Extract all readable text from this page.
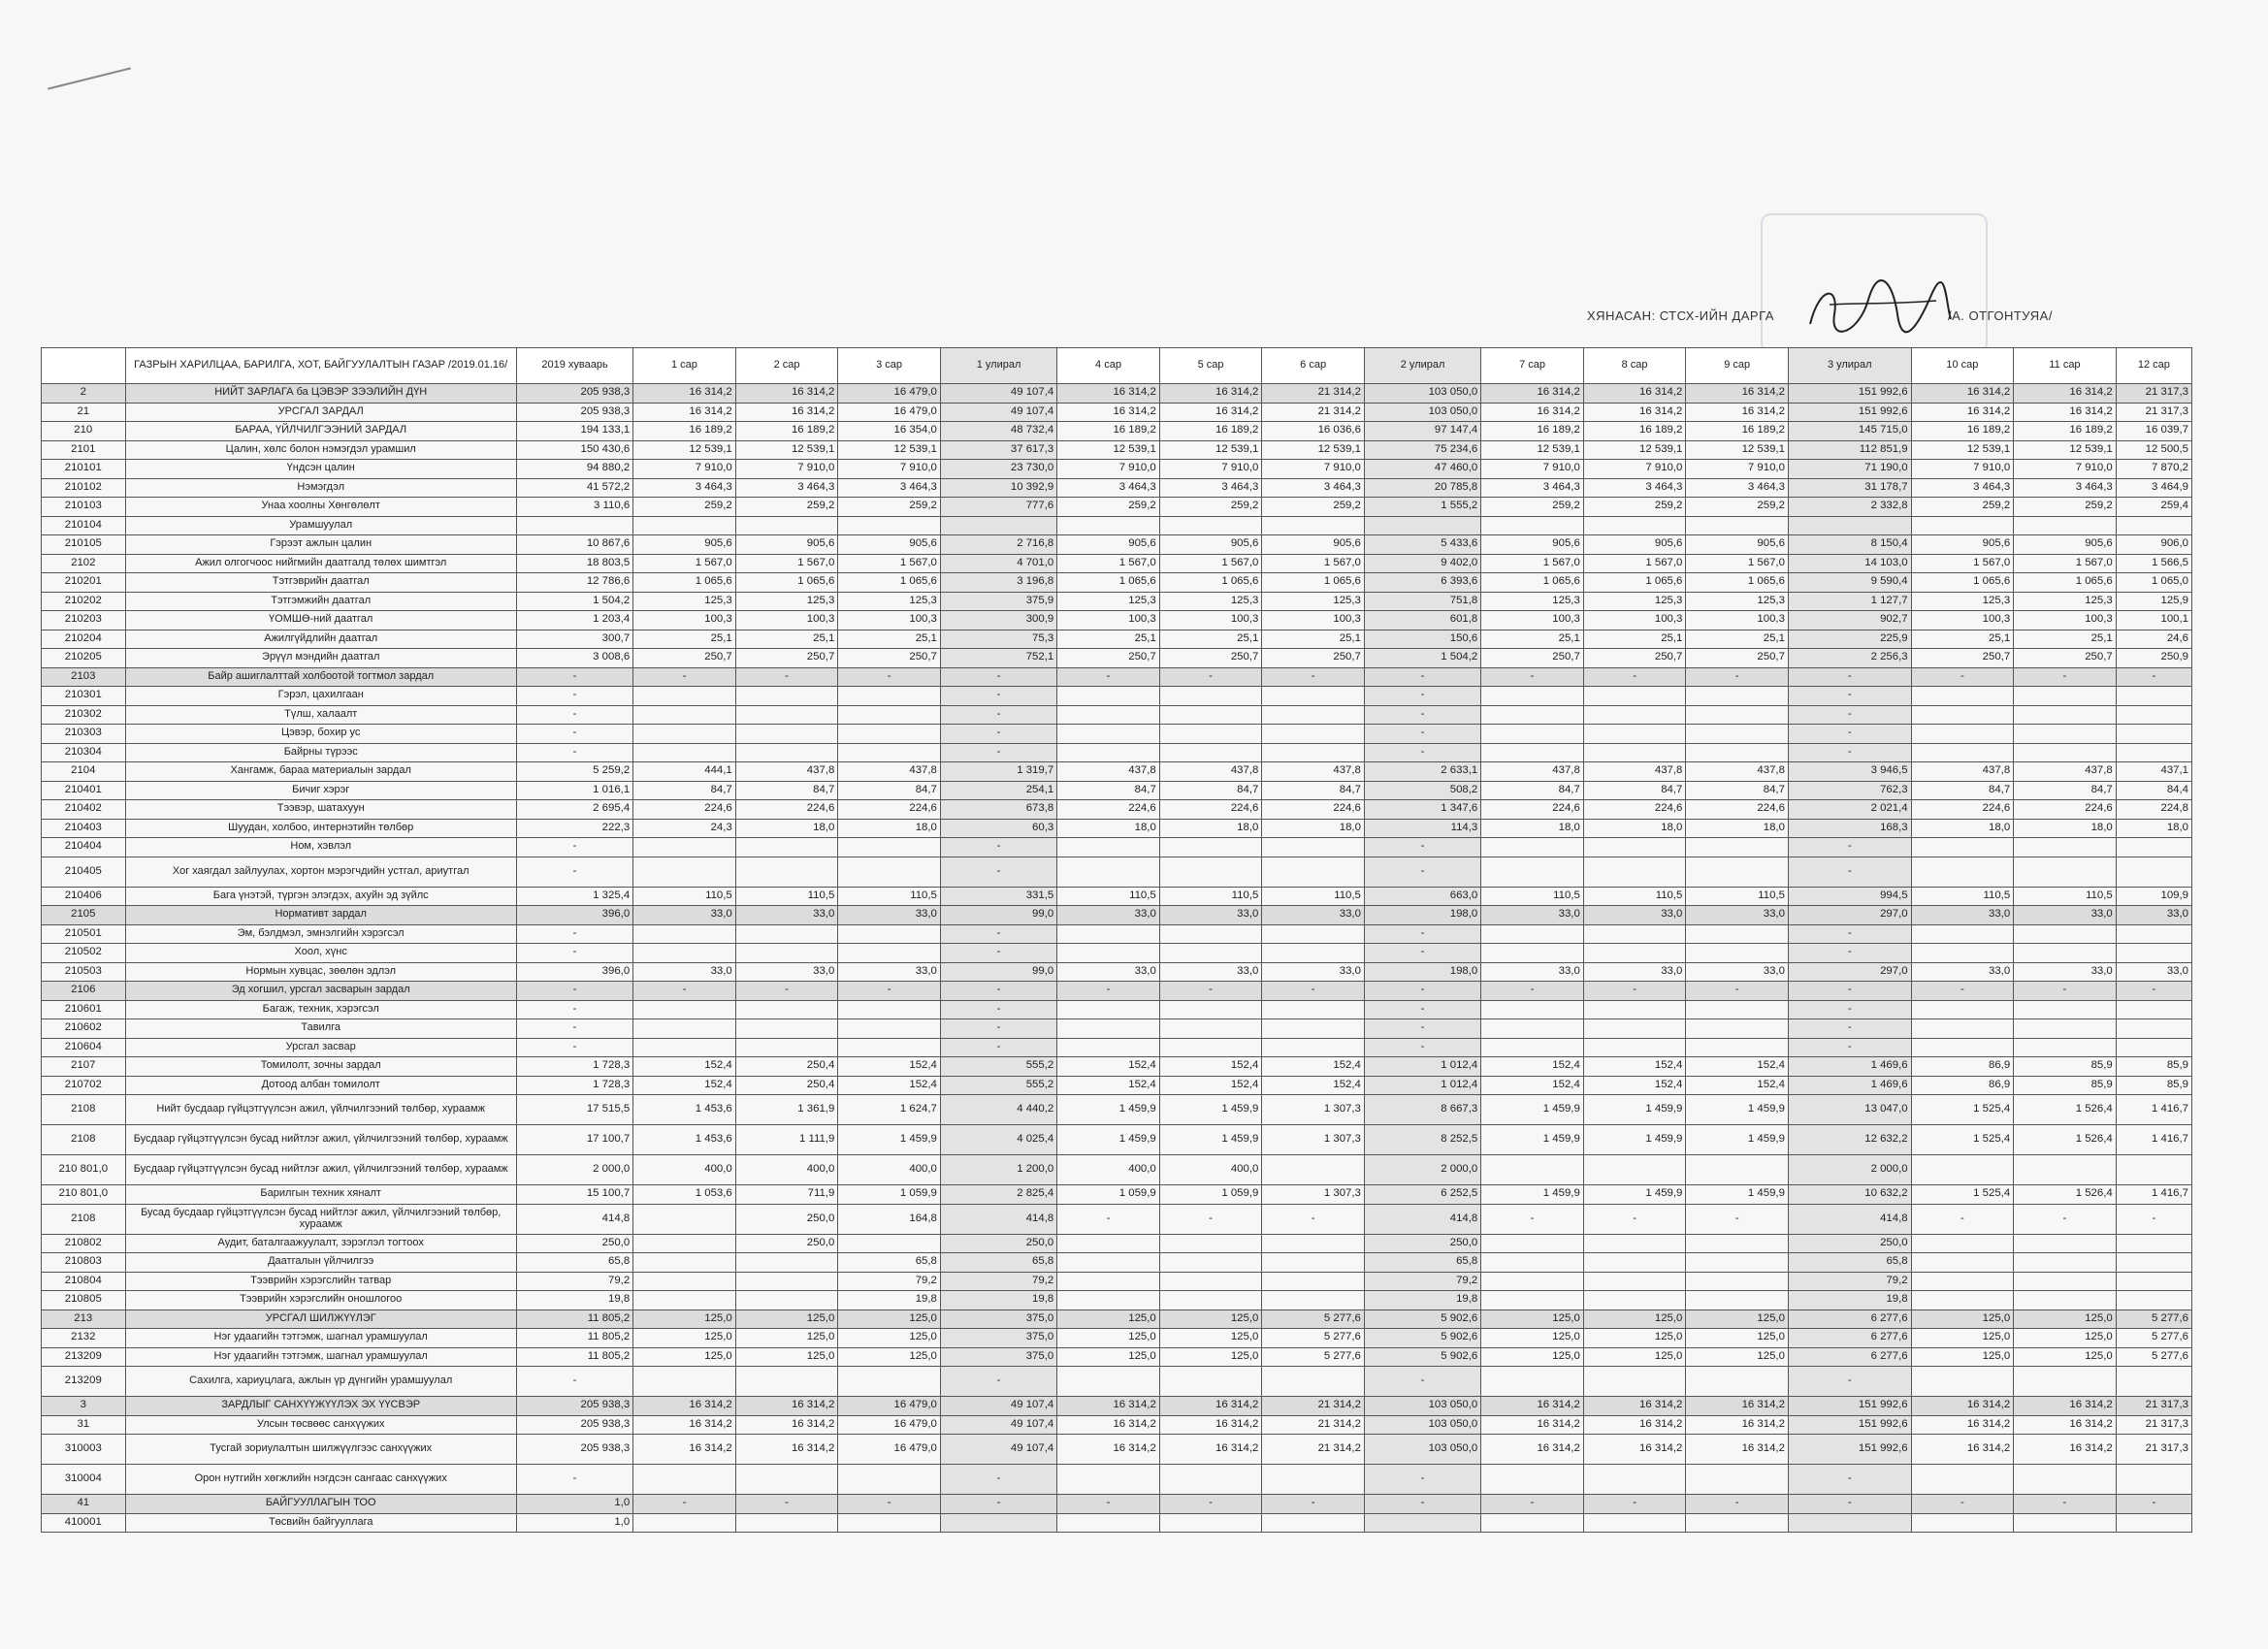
ХЯНАСАН: СТСХ-ИЙН ДАРГА	/А. ОТГОНТУЯА/
	ГАЗРЫН ХАРИЛЦАА, БАРИЛГА, ХОТ, БАЙГУУЛАЛТЫН ГАЗАР /2019.01.16/	2019 хуваарь	1 сар	2 сар	3 сар	1 улирал	4 сар	5 сар	6 сар	2 улирал	7 сар	8 сар	9 сар	3 улирал	10 сар	11 сар	12 сар
2	НИЙТ ЗАРЛАГА ба ЦЭВЭР ЗЭЭЛИЙН ДҮН	205 938,3	16 314,2	16 314,2	16 479,0	49 107,4	16 314,2	16 314,2	21 314,2	103 050,0	16 314,2	16 314,2	16 314,2	151 992,6	16 314,2	16 314,2	21 317,3
21	УРСГАЛ ЗАРДАЛ	205 938,3	16 314,2	16 314,2	16 479,0	49 107,4	16 314,2	16 314,2	21 314,2	103 050,0	16 314,2	16 314,2	16 314,2	151 992,6	16 314,2	16 314,2	21 317,3
210	БАРАА, ҮЙЛЧИЛГЭЭНИЙ ЗАРДАЛ	194 133,1	16 189,2	16 189,2	16 354,0	48 732,4	16 189,2	16 189,2	16 036,6	97 147,4	16 189,2	16 189,2	16 189,2	145 715,0	16 189,2	16 189,2	16 039,7
2101	Цалин, хөлс болон нэмэгдэл урамшил	150 430,6	12 539,1	12 539,1	12 539,1	37 617,3	12 539,1	12 539,1	12 539,1	75 234,6	12 539,1	12 539,1	12 539,1	112 851,9	12 539,1	12 539,1	12 500,5
210101	Үндсэн цалин	94 880,2	7 910,0	7 910,0	7 910,0	23 730,0	7 910,0	7 910,0	7 910,0	47 460,0	7 910,0	7 910,0	7 910,0	71 190,0	7 910,0	7 910,0	7 870,2
210102	Нэмэгдэл	41 572,2	3 464,3	3 464,3	3 464,3	10 392,9	3 464,3	3 464,3	3 464,3	20 785,8	3 464,3	3 464,3	3 464,3	31 178,7	3 464,3	3 464,3	3 464,9
210103	Унаа хоолны Хөнгөлөлт	3 110,6	259,2	259,2	259,2	777,6	259,2	259,2	259,2	1 555,2	259,2	259,2	259,2	2 332,8	259,2	259,2	259,4
210104	Урамшуулал																
210105	Гэрээт ажлын цалин	10 867,6	905,6	905,6	905,6	2 716,8	905,6	905,6	905,6	5 433,6	905,6	905,6	905,6	8 150,4	905,6	905,6	906,0
2102	Ажил олгогчоос нийгмийн даатгалд төлөх шимтгэл	18 803,5	1 567,0	1 567,0	1 567,0	4 701,0	1 567,0	1 567,0	1 567,0	9 402,0	1 567,0	1 567,0	1 567,0	14 103,0	1 567,0	1 567,0	1 566,5
210201	Тэтгэврийн даатгал	12 786,6	1 065,6	1 065,6	1 065,6	3 196,8	1 065,6	1 065,6	1 065,6	6 393,6	1 065,6	1 065,6	1 065,6	9 590,4	1 065,6	1 065,6	1 065,0
210202	Тэтгэмжийн даатгал	1 504,2	125,3	125,3	125,3	375,9	125,3	125,3	125,3	751,8	125,3	125,3	125,3	1 127,7	125,3	125,3	125,9
210203	ҮОМШӨ-ний даатгал	1 203,4	100,3	100,3	100,3	300,9	100,3	100,3	100,3	601,8	100,3	100,3	100,3	902,7	100,3	100,3	100,1
210204	Ажилгүйдлийн даатгал	300,7	25,1	25,1	25,1	75,3	25,1	25,1	25,1	150,6	25,1	25,1	25,1	225,9	25,1	25,1	24,6
210205	Эрүүл мэндийн даатгал	3 008,6	250,7	250,7	250,7	752,1	250,7	250,7	250,7	1 504,2	250,7	250,7	250,7	2 256,3	250,7	250,7	250,9
2103	Байр ашиглалттай холбоотой тогтмол зардал	-	-	-	-	-	-	-	-	-	-	-	-	-	-	-	-
210301	Гэрэл, цахилгаан	-				-				-				-			
210302	Түлш, халаалт	-				-				-				-			
210303	Цэвэр, бохир ус	-				-				-				-			
210304	Байрны түрээс	-				-				-				-			
2104	Хангамж, бараа материалын зардал	5 259,2	444,1	437,8	437,8	1 319,7	437,8	437,8	437,8	2 633,1	437,8	437,8	437,8	3 946,5	437,8	437,8	437,1
210401	Бичиг хэрэг	1 016,1	84,7	84,7	84,7	254,1	84,7	84,7	84,7	508,2	84,7	84,7	84,7	762,3	84,7	84,7	84,4
210402	Тээвэр, шатахуун	2 695,4	224,6	224,6	224,6	673,8	224,6	224,6	224,6	1 347,6	224,6	224,6	224,6	2 021,4	224,6	224,6	224,8
210403	Шуудан, холбоо, интернэтийн төлбөр	222,3	24,3	18,0	18,0	60,3	18,0	18,0	18,0	114,3	18,0	18,0	18,0	168,3	18,0	18,0	18,0
210404	Ном, хэвлэл	-				-				-				-			
210405	Хог хаягдал зайлуулах, хортон мэрэгчдийн устгал, ариутгал	-				-				-				-			
210406	Бага үнэтэй, түргэн элэгдэх, ахуйн эд зүйлс	1 325,4	110,5	110,5	110,5	331,5	110,5	110,5	110,5	663,0	110,5	110,5	110,5	994,5	110,5	110,5	109,9
2105	Нормативт зардал	396,0	33,0	33,0	33,0	99,0	33,0	33,0	33,0	198,0	33,0	33,0	33,0	297,0	33,0	33,0	33,0
210501	Эм, бэлдмэл, эмнэлгийн хэрэгсэл	-				-				-				-			
210502	Хоол, хүнс	-				-				-				-			
210503	Нормын хувцас, зөөлөн эдлэл	396,0	33,0	33,0	33,0	99,0	33,0	33,0	33,0	198,0	33,0	33,0	33,0	297,0	33,0	33,0	33,0
2106	Эд хогшил, урсгал засварын зардал	-	-	-	-	-	-	-	-	-	-	-	-	-	-	-	-
210601	Багаж, техник, хэрэгсэл	-				-				-				-			
210602	Тавилга	-				-				-				-			
210604	Урсгал засвар	-				-				-				-			
2107	Томилолт, зочны зардал	1 728,3	152,4	250,4	152,4	555,2	152,4	152,4	152,4	1 012,4	152,4	152,4	152,4	1 469,6	86,9	85,9	85,9
210702	Дотоод албан томилолт	1 728,3	152,4	250,4	152,4	555,2	152,4	152,4	152,4	1 012,4	152,4	152,4	152,4	1 469,6	86,9	85,9	85,9
2108	Нийт бусдаар гүйцэтгүүлсэн ажил, үйлчилгээний төлбөр, хураамж	17 515,5	1 453,6	1 361,9	1 624,7	4 440,2	1 459,9	1 459,9	1 307,3	8 667,3	1 459,9	1 459,9	1 459,9	13 047,0	1 525,4	1 526,4	1 416,7
2108	Бусдаар гүйцэтгүүлсэн бусад нийтлэг ажил, үйлчилгээний төлбөр, хураамж	17 100,7	1 453,6	1 111,9	1 459,9	4 025,4	1 459,9	1 459,9	1 307,3	8 252,5	1 459,9	1 459,9	1 459,9	12 632,2	1 525,4	1 526,4	1 416,7
210 801,0	Бусдаар гүйцэтгүүлсэн бусад нийтлэг ажил, үйлчилгээний төлбөр, хураамж	2 000,0	400,0	400,0	400,0	1 200,0	400,0	400,0		2 000,0				2 000,0			
210 801,0	Барилгын техник хяналт	15 100,7	1 053,6	711,9	1 059,9	2 825,4	1 059,9	1 059,9	1 307,3	6 252,5	1 459,9	1 459,9	1 459,9	10 632,2	1 525,4	1 526,4	1 416,7
2108	Бусад бусдаар гүйцэтгүүлсэн бусад нийтлэг ажил, үйлчилгээний төлбөр, хураамж	414,8		250,0	164,8	414,8	-	-	-	414,8	-	-	-	414,8	-	-	-
210802	Аудит, баталгаажуулалт, зэрэглэл тогтоох	250,0		250,0		250,0				250,0				250,0			
210803	Даатгалын үйлчилгээ	65,8			65,8	65,8				65,8				65,8			
210804	Тээврийн хэрэгслийн татвар	79,2			79,2	79,2				79,2				79,2			
210805	Тээврийн хэрэгслийн оношлогоо	19,8			19,8	19,8				19,8				19,8			
213	УРСГАЛ ШИЛЖҮҮЛЭГ	11 805,2	125,0	125,0	125,0	375,0	125,0	125,0	5 277,6	5 902,6	125,0	125,0	125,0	6 277,6	125,0	125,0	5 277,6
2132	Нэг удаагийн тэтгэмж, шагнал урамшуулал	11 805,2	125,0	125,0	125,0	375,0	125,0	125,0	5 277,6	5 902,6	125,0	125,0	125,0	6 277,6	125,0	125,0	5 277,6
213209	Нэг удаагийн тэтгэмж, шагнал урамшуулал	11 805,2	125,0	125,0	125,0	375,0	125,0	125,0	5 277,6	5 902,6	125,0	125,0	125,0	6 277,6	125,0	125,0	5 277,6
213209	Сахилга, хариуцлага, ажлын үр дүнгийн урамшуулал	-				-				-				-			
3	ЗАРДЛЫГ САНХҮҮЖҮҮЛЭХ ЭХ ҮҮСВЭР	205 938,3	16 314,2	16 314,2	16 479,0	49 107,4	16 314,2	16 314,2	21 314,2	103 050,0	16 314,2	16 314,2	16 314,2	151 992,6	16 314,2	16 314,2	21 317,3
31	Улсын төсвөөс санхүүжих	205 938,3	16 314,2	16 314,2	16 479,0	49 107,4	16 314,2	16 314,2	21 314,2	103 050,0	16 314,2	16 314,2	16 314,2	151 992,6	16 314,2	16 314,2	21 317,3
310003	Тусгай зориулалтын шилжүүлгээс санхүүжих	205 938,3	16 314,2	16 314,2	16 479,0	49 107,4	16 314,2	16 314,2	21 314,2	103 050,0	16 314,2	16 314,2	16 314,2	151 992,6	16 314,2	16 314,2	21 317,3
310004	Орон нутгийн хөгжлийн нэгдсэн сангаас санхүүжих	-				-				-				-			
41	БАЙГУУЛЛАГЫН ТОО	1,0	-	-	-	-	-	-	-	-	-	-	-	-	-	-	-
410001	Төсвийн байгууллага	1,0															
